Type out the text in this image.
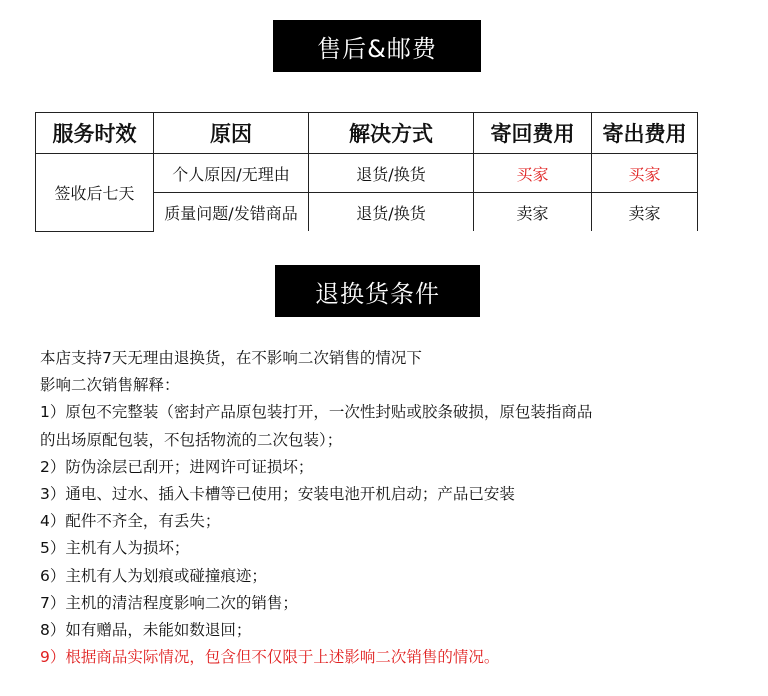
售后&邮费
服务时效	原因	解决方式	寄回费用	寄出费用
签收后七天	个人原因/无理由	退货/换货	买家	买家
	质量问题/发错商品	退货/换货	卖家	卖家
退换货条件

本店支持7天无理由退换货，在不影响二次销售的情况下

影响二次销售解释：

1）原包不完整装（密封产品原包装打开，一次性封贴或胶条破损，原包装指商品

的出场原配包装，不包括物流的二次包装）；

2）防伪涂层已刮开；进网许可证损坏；

3）通电、过水、插入卡槽等已使用；安装电池开机启动；产品已安装

4）配件不齐全，有丢失；

5）主机有人为损坏；

6）主机有人为划痕或碰撞痕迹；

7）主机的清洁程度影响二次的销售；

8）如有赠品，未能如数退回；

9）根据商品实际情况，包含但不仅限于上述影响二次销售的情况。
